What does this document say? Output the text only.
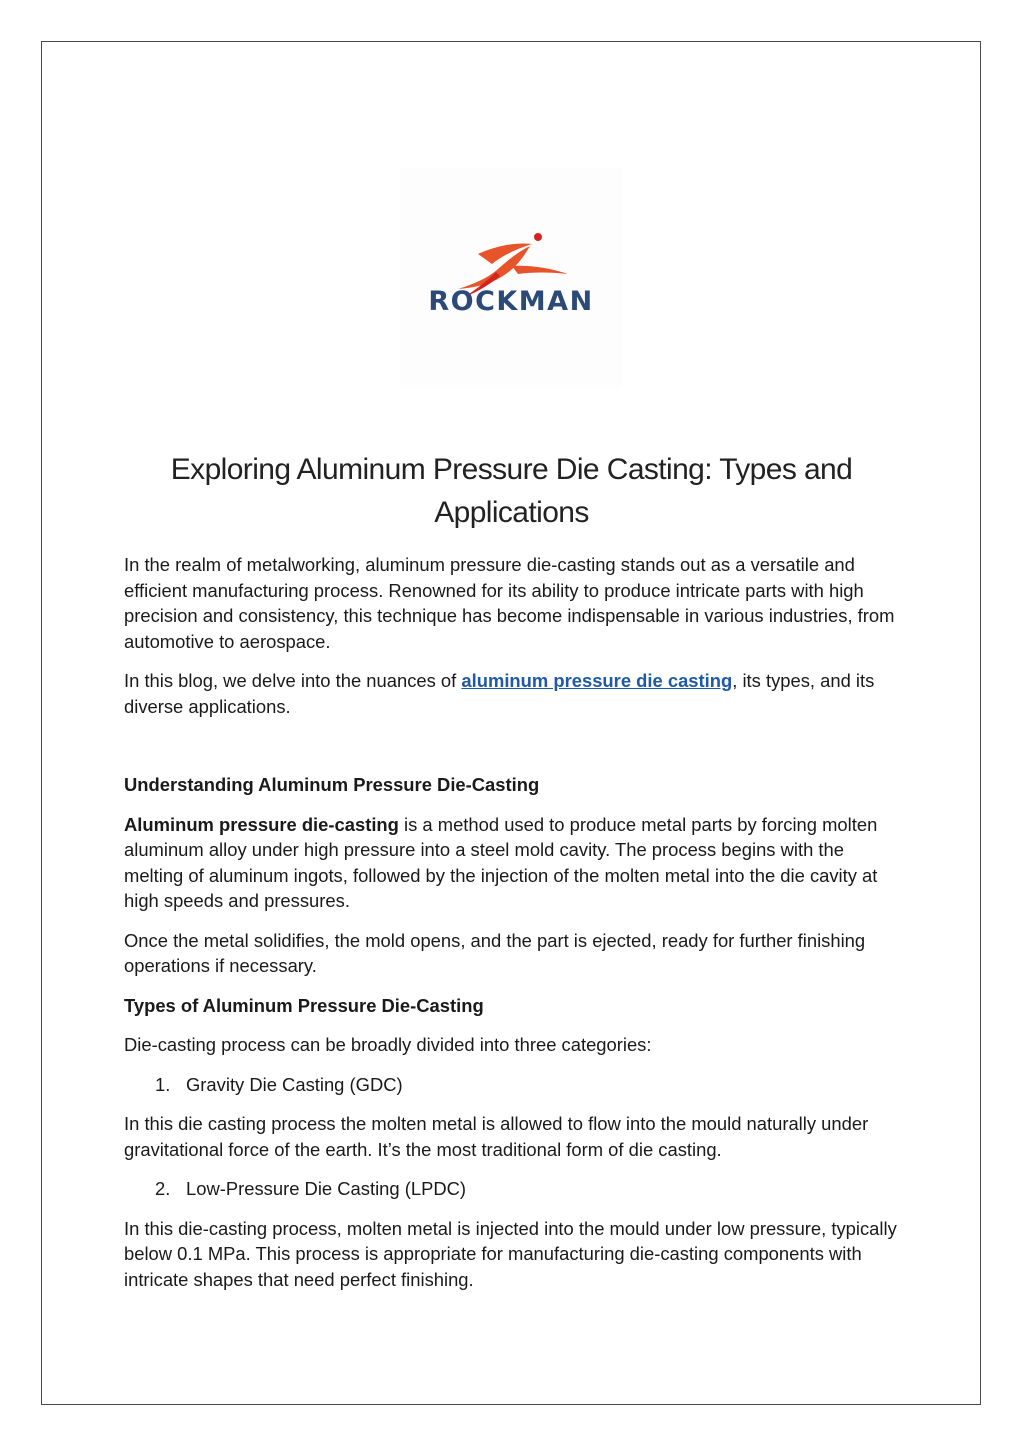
ROCKMAN
Exploring Aluminum Pressure Die Casting: Types and Applications

In the realm of metalworking, aluminum pressure die-casting stands out as a versatile and efficient manufacturing process. Renowned for its ability to produce intricate parts with high precision and consistency, this technique has become indispensable in various industries, from automotive to aerospace.

In this blog, we delve into the nuances of aluminum pressure die casting, its types, and its diverse applications.

Understanding Aluminum Pressure Die-Casting

Aluminum pressure die-casting is a method used to produce metal parts by forcing molten aluminum alloy under high pressure into a steel mold cavity. The process begins with the melting of aluminum ingots, followed by the injection of the molten metal into the die cavity at high speeds and pressures.

Once the metal solidifies, the mold opens, and the part is ejected, ready for further finishing operations if necessary.

Types of Aluminum Pressure Die-Casting

Die-casting process can be broadly divided into three categories:

1. Gravity Die Casting (GDC)

In this die casting process the molten metal is allowed to flow into the mould naturally under gravitational force of the earth. It’s the most traditional form of die casting.

2. Low-Pressure Die Casting (LPDC)

In this die-casting process, molten metal is injected into the mould under low pressure, typically below 0.1 MPa. This process is appropriate for manufacturing die-casting components with intricate shapes that need perfect finishing.
